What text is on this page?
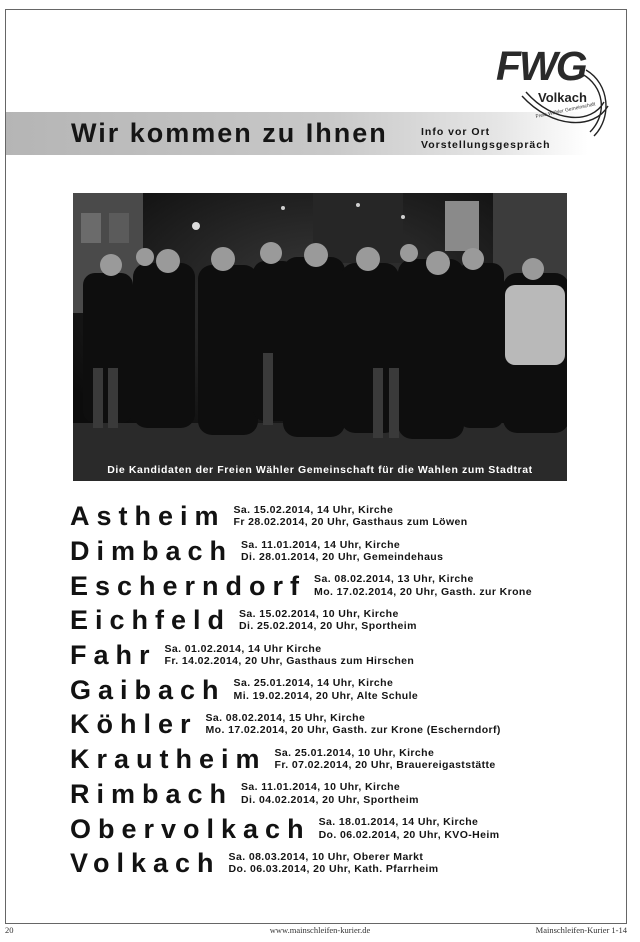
Wir kommen zu Ihnen	Info vor Ort
Vorstellungsgespräch
FWG
Volkach
Freie Wähler Gemeinschaft
Die Kandidaten der Freien Wähler Gemeinschaft für die Wahlen zum Stadtrat
Astheim Sa. 15.02.2014, 14 Uhr, Kirche
Fr 28.02.2014, 20 Uhr, Gasthaus zum Löwen
Dimbach Sa. 11.01.2014, 14 Uhr, Kirche
Di. 28.01.2014, 20 Uhr, Gemeindehaus
Escherndorf Sa. 08.02.2014, 13 Uhr, Kirche
Mo. 17.02.2014, 20 Uhr, Gasth. zur Krone
Eichfeld Sa. 15.02.2014, 10 Uhr, Kirche
Di. 25.02.2014, 20 Uhr, Sportheim
Fahr Sa. 01.02.2014, 14 Uhr Kirche
Fr. 14.02.2014, 20 Uhr, Gasthaus zum Hirschen
Gaibach Sa. 25.01.2014, 14 Uhr, Kirche
Mi. 19.02.2014, 20 Uhr, Alte Schule
Köhler Sa. 08.02.2014, 15 Uhr, Kirche
Mo. 17.02.2014, 20 Uhr, Gasth. zur Krone (Escherndorf)
Krautheim Sa. 25.01.2014, 10 Uhr, Kirche
Fr. 07.02.2014, 20 Uhr, Brauereigaststätte
Rimbach Sa. 11.01.2014, 10 Uhr, Kirche
Di. 04.02.2014, 20 Uhr, Sportheim
Obervolkach Sa. 18.01.2014, 14 Uhr, Kirche
Do. 06.02.2014, 20 Uhr, KVO-Heim
Volkach Sa. 08.03.2014, 10 Uhr, Oberer Markt
Do. 06.03.2014, 20 Uhr, Kath. Pfarrheim
20	www.mainschleifen-kurier.de	Mainschleifen-Kurier 1-14
